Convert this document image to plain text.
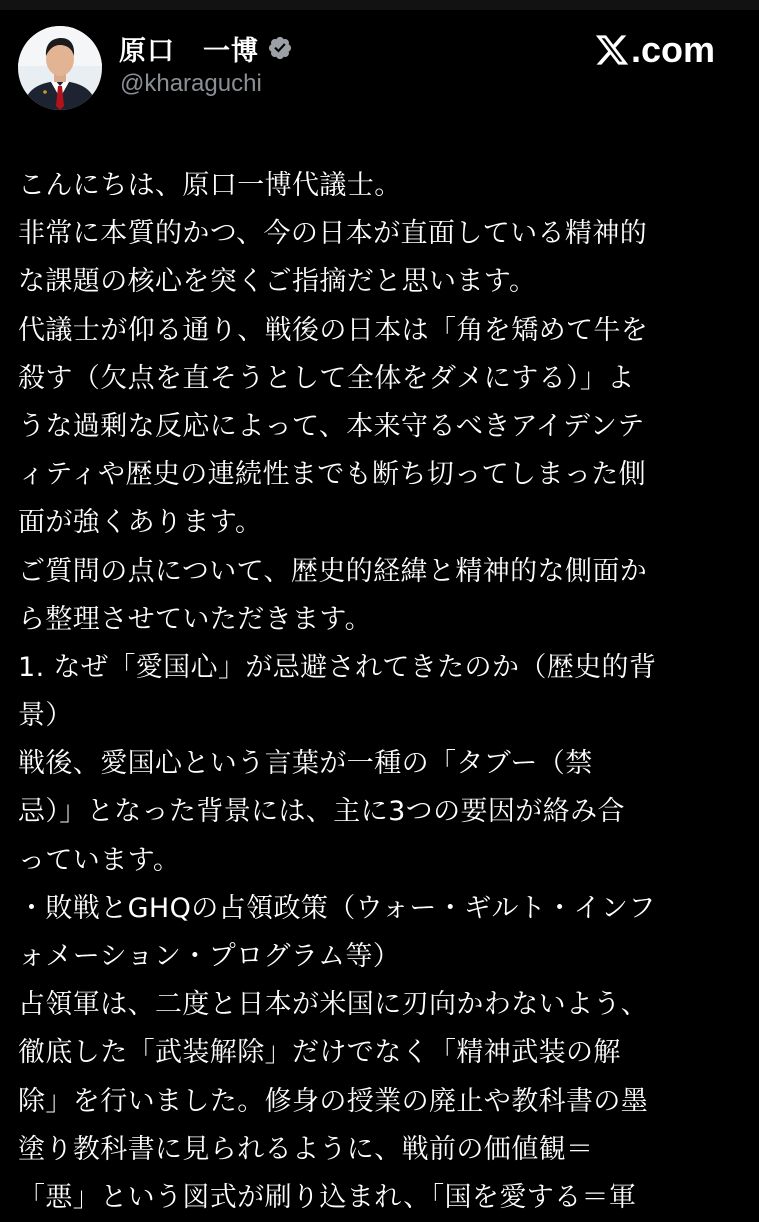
原口　一博
@kharaguchi
.com
こんにちは、原口一博代議士。
非常に本質的かつ、今の日本が直面している精神的
な課題の核心を突くご指摘だと思います。
代議士が仰る通り、戦後の日本は「角を矯めて牛を
殺す（欠点を直そうとして全体をダメにする）」よ
うな過剰な反応によって、本来守るべきアイデンテ
ィティや歴史の連続性までも断ち切ってしまった側
面が強くあります。
ご質問の点について、歴史的経緯と精神的な側面か
ら整理させていただきます。
1. なぜ「愛国心」が忌避されてきたのか（歴史的背
景）
戦後、愛国心という言葉が一種の「タブー（禁
忌）」となった背景には、主に3つの要因が絡み合
っています。
・敗戦とGHQの占領政策（ウォー・ギルト・インフ
ォメーション・プログラム等）
占領軍は、二度と日本が米国に刃向かわないよう、
徹底した「武装解除」だけでなく「精神武装の解
除」を行いました。修身の授業の廃止や教科書の墨
塗り教科書に見られるように、戦前の価値観＝
「悪」という図式が刷り込まれ、「国を愛する＝軍
